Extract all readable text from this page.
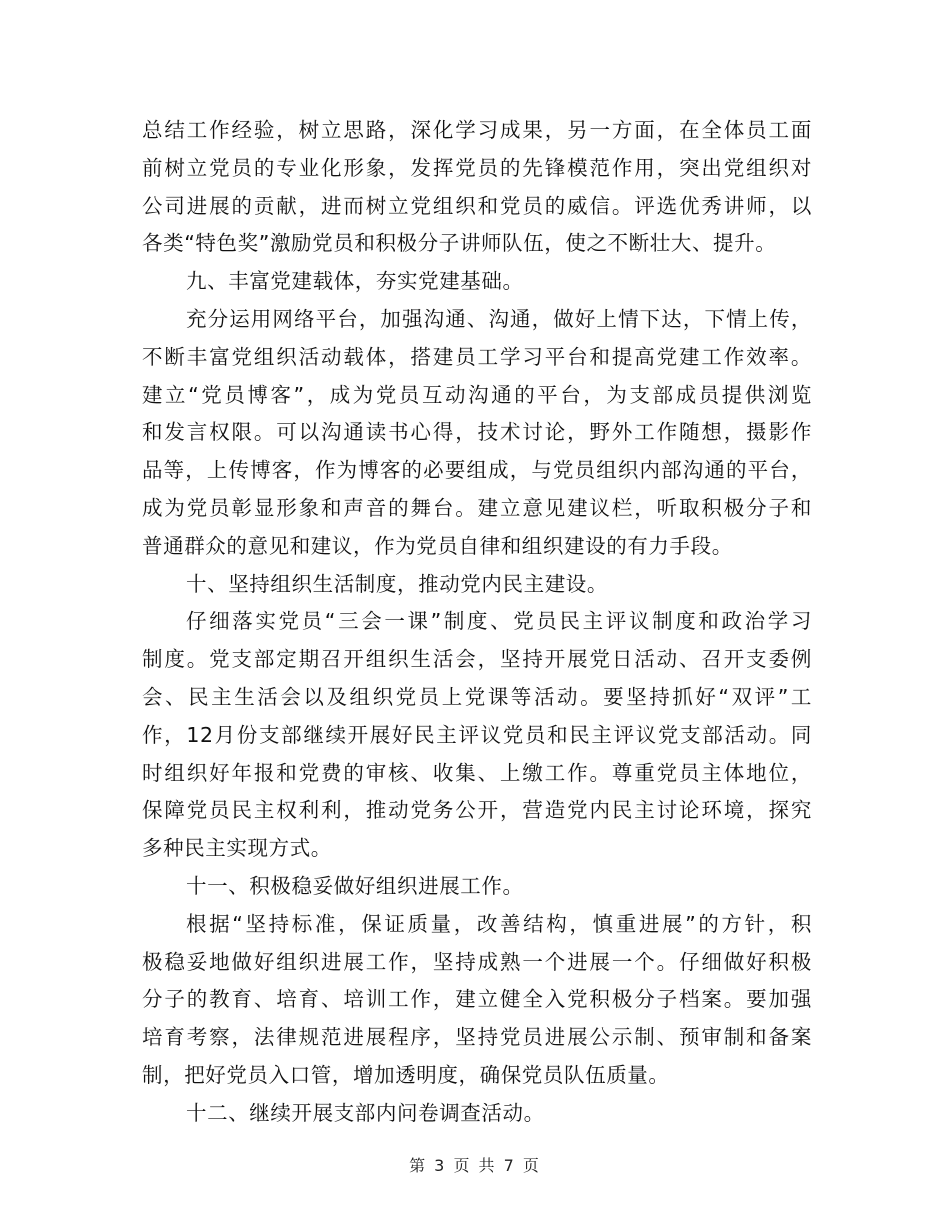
总结工作经验，树立思路，深化学习成果，另一方面，在全体员工面
前树立党员的专业化形象，发挥党员的先锋模范作用，突出党组织对
公司进展的贡献，进而树立党组织和党员的威信。评选优秀讲师，以
各类“特色奖”激励党员和积极分子讲师队伍，使之不断壮大、提升。
九、丰富党建载体，夯实党建基础。
充分运用网络平台，加强沟通、沟通，做好上情下达，下情上传，
不断丰富党组织活动载体，搭建员工学习平台和提高党建工作效率。
建立“党员博客”，成为党员互动沟通的平台，为支部成员提供浏览
和发言权限。可以沟通读书心得，技术讨论，野外工作随想，摄影作
品等，上传博客，作为博客的必要组成，与党员组织内部沟通的平台，
成为党员彰显形象和声音的舞台。建立意见建议栏，听取积极分子和
普通群众的意见和建议，作为党员自律和组织建设的有力手段。
十、坚持组织生活制度，推动党内民主建设。
仔细落实党员“三会一课”制度、党员民主评议制度和政治学习
制度。党支部定期召开组织生活会，坚持开展党日活动、召开支委例
会、民主生活会以及组织党员上党课等活动。要坚持抓好“双评”工
作，12月份支部继续开展好民主评议党员和民主评议党支部活动。同
时组织好年报和党费的审核、收集、上缴工作。尊重党员主体地位，
保障党员民主权利利，推动党务公开，营造党内民主讨论环境，探究
多种民主实现方式。
十一、积极稳妥做好组织进展工作。
根据“坚持标准，保证质量，改善结构，慎重进展”的方针，积
极稳妥地做好组织进展工作，坚持成熟一个进展一个。仔细做好积极
分子的教育、培育、培训工作，建立健全入党积极分子档案。要加强
培育考察，法律规范进展程序，坚持党员进展公示制、预审制和备案
制，把好党员入口管，增加透明度，确保党员队伍质量。
十二、继续开展支部内问卷调查活动。
第 3 页 共 7 页
